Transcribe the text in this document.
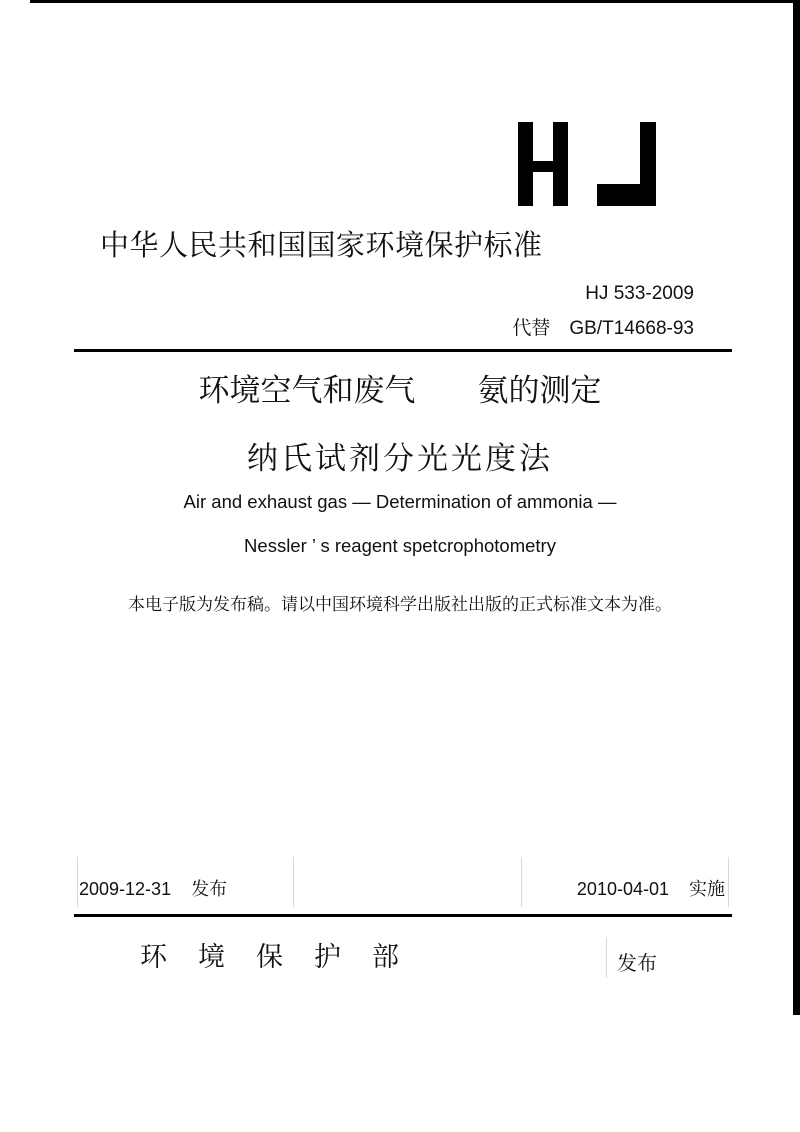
中华人民共和国国家环境保护标准
HJ 533-2009
代替　GB/T14668-93
环境空气和废气　　氨的测定
纳氏试剂分光光度法
Air and exhaust gas — Determination of ammonia —
Nessler ’ s reagent spetcrophotometry
本电子版为发布稿。请以中国环境科学出版社出版的正式标准文本为准。
2009-12-31 发布	2010-04-01 实施
环境保护部	发布
